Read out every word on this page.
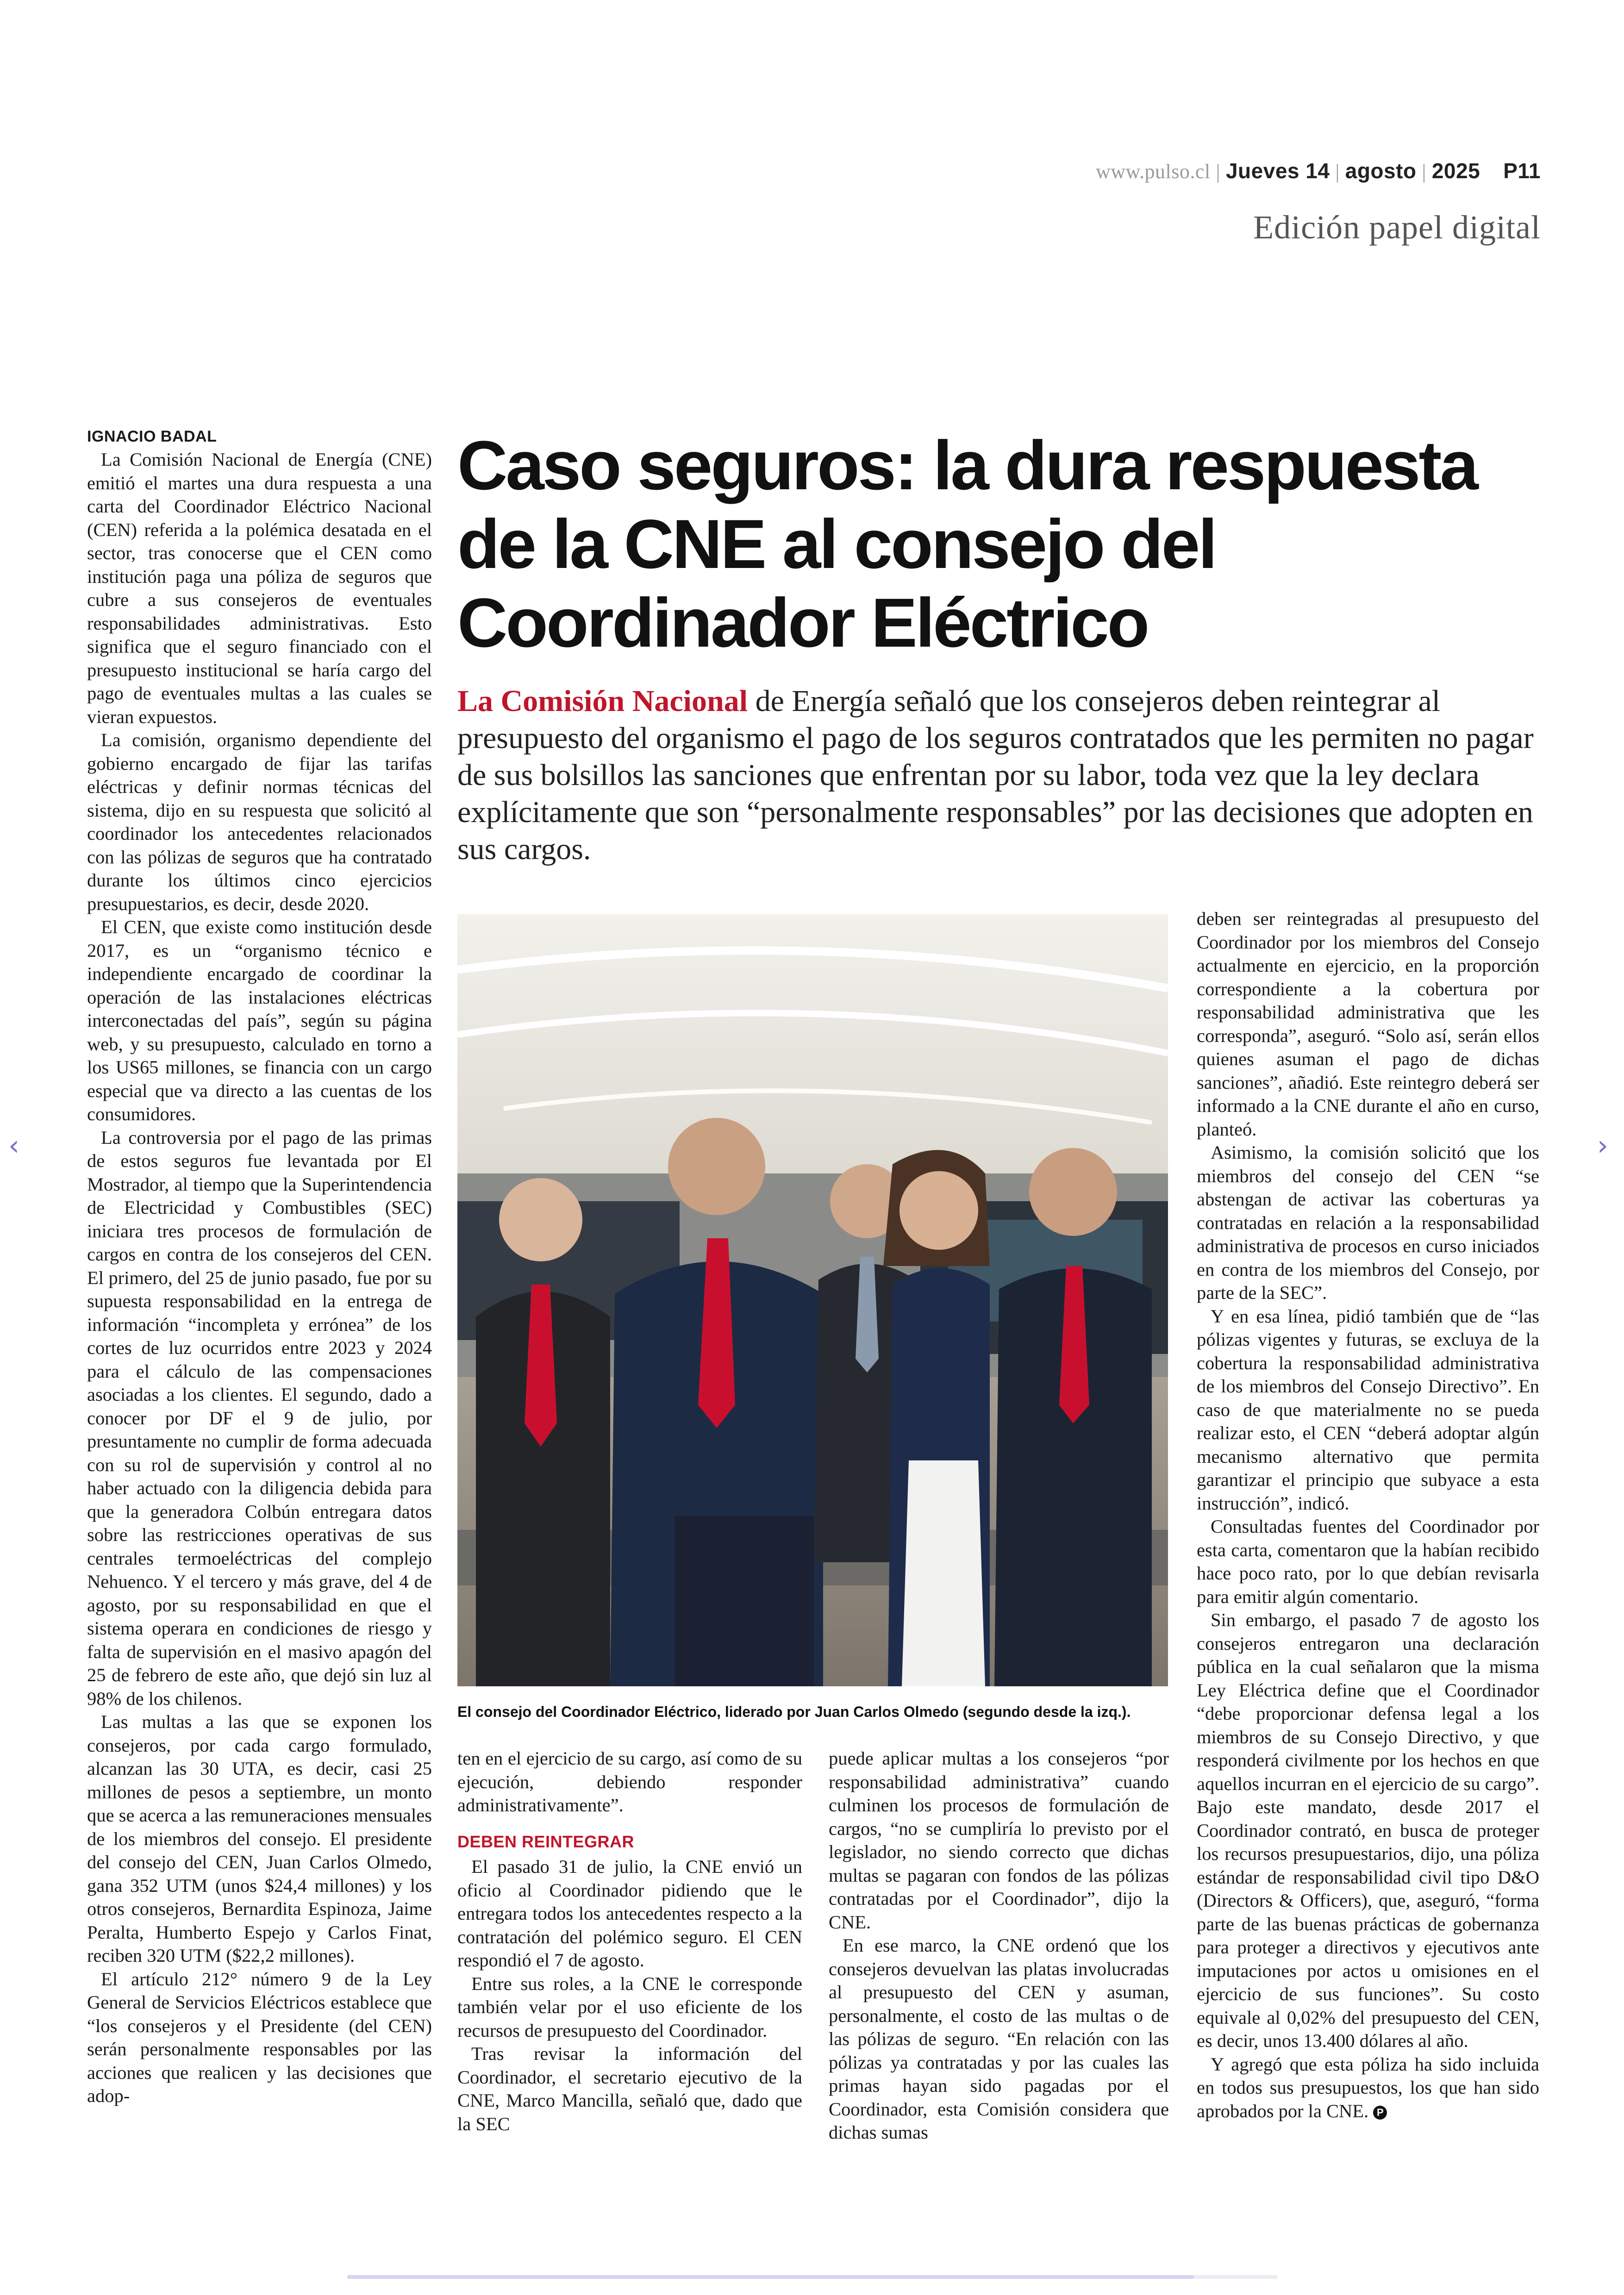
www.pulso.cl | Jueves 14 | agosto | 2025 P11
Edición papel digital
Caso seguros: la dura respuesta de la CNE al consejo del Coordinador Eléctrico

La Comisión Nacional de Energía señaló que los consejeros deben reintegrar al presupuesto del organismo el pago de los seguros contratados que les permiten no pagar de sus bolsillos las sanciones que enfrentan por su labor, toda vez que la ley declara explícitamente que son “personalmente responsables” por las decisiones que adopten en sus cargos.

El consejo del Coordinador Eléctrico, liderado por Juan Carlos Olmedo (segundo desde la izq.).

IGNACIO BADAL

La Comisión Nacional de Energía (CNE) emitió el martes una dura respuesta a una carta del Coordinador Eléctrico Nacional (CEN) referida a la polémica desatada en el sector, tras conocerse que el CEN como institución paga una póliza de seguros que cubre a sus consejeros de eventuales responsabilidades administrativas. Esto significa que el seguro financiado con el presupuesto institucional se haría cargo del pago de eventuales multas a las cuales se vieran expuestos.

La comisión, organismo dependiente del gobierno encargado de fijar las tarifas eléctricas y definir normas técnicas del sistema, dijo en su respuesta que solicitó al coordinador los antecedentes relacionados con las pólizas de seguros que ha contratado durante los últimos cinco ejercicios presupuestarios, es decir, desde 2020.

El CEN, que existe como institución desde 2017, es un “organismo técnico e independiente encargado de coordinar la operación de las instalaciones eléctricas interconectadas del país”, según su página web, y su presupuesto, calculado en torno a los US65 millones, se financia con un cargo especial que va directo a las cuentas de los consumidores.

La controversia por el pago de las primas de estos seguros fue levantada por El Mostrador, al tiempo que la Superintendencia de Electricidad y Combustibles (SEC) iniciara tres procesos de formulación de cargos en contra de los consejeros del CEN. El primero, del 25 de junio pasado, fue por su supuesta responsabilidad en la entrega de información “incompleta y errónea” de los cortes de luz ocurridos entre 2023 y 2024 para el cálculo de las compensaciones asociadas a los clientes. El segundo, dado a conocer por DF el 9 de julio, por presuntamente no cumplir de forma adecuada con su rol de supervisión y control al no haber actuado con la diligencia debida para que la generadora Colbún entregara datos sobre las restricciones operativas de sus centrales termoeléctricas del complejo Nehuenco. Y el tercero y más grave, del 4 de agosto, por su responsabilidad en que el sistema operara en condiciones de riesgo y falta de supervisión en el masivo apagón del 25 de febrero de este año, que dejó sin luz al 98% de los chilenos.

Las multas a las que se exponen los consejeros, por cada cargo formulado, alcanzan las 30 UTA, es decir, casi 25 millones de pesos a septiembre, un monto que se acerca a las remuneraciones mensuales de los miembros del consejo. El presidente del consejo del CEN, Juan Carlos Olmedo, gana 352 UTM (unos $24,4 millones) y los otros consejeros, Bernardita Espinoza, Jaime Peralta, Humberto Espejo y Carlos Finat, reciben 320 UTM ($22,2 millones).

El artículo 212° número 9 de la Ley General de Servicios Eléctricos establece que “los consejeros y el Presidente (del CEN) serán personalmente responsables por las acciones que realicen y las decisiones que adop-

ten en el ejercicio de su cargo, así como de su ejecución, debiendo responder administrativamente”.

DEBEN REINTEGRAR

El pasado 31 de julio, la CNE envió un oficio al Coordinador pidiendo que le entregara todos los antecedentes respecto a la contratación del polémico seguro. El CEN respondió el 7 de agosto.

Entre sus roles, a la CNE le corresponde también velar por el uso eficiente de los recursos de presupuesto del Coordinador.

Tras revisar la información del Coordinador, el secretario ejecutivo de la CNE, Marco Mancilla, señaló que, dado que la SEC

puede aplicar multas a los consejeros “por responsabilidad administrativa” cuando culminen los procesos de formulación de cargos, “no se cumpliría lo previsto por el legislador, no siendo correcto que dichas multas se pagaran con fondos de las pólizas contratadas por el Coordinador”, dijo la CNE.

En ese marco, la CNE ordenó que los consejeros devuelvan las platas involucradas al presupuesto del CEN y asuman, personalmente, el costo de las multas o de las pólizas de seguro. “En relación con las pólizas ya contratadas y por las cuales las primas hayan sido pagadas por el Coordinador, esta Comisión considera que dichas sumas

deben ser reintegradas al presupuesto del Coordinador por los miembros del Consejo actualmente en ejercicio, en la proporción correspondiente a la cobertura por responsabilidad administrativa que les corresponda”, aseguró. “Solo así, serán ellos quienes asuman el pago de dichas sanciones”, añadió. Este reintegro deberá ser informado a la CNE durante el año en curso, planteó.

Asimismo, la comisión solicitó que los miembros del consejo del CEN “se abstengan de activar las coberturas ya contratadas en relación a la responsabilidad administrativa de procesos en curso iniciados en contra de los miembros del Consejo, por parte de la SEC”.

Y en esa línea, pidió también que de “las pólizas vigentes y futuras, se excluya de la cobertura la responsabilidad administrativa de los miembros del Consejo Directivo”. En caso de que materialmente no se pueda realizar esto, el CEN “deberá adoptar algún mecanismo alternativo que permita garantizar el principio que subyace a esta instrucción”, indicó.

Consultadas fuentes del Coordinador por esta carta, comentaron que la habían recibido hace poco rato, por lo que debían revisarla para emitir algún comentario.

Sin embargo, el pasado 7 de agosto los consejeros entregaron una declaración pública en la cual señalaron que la misma Ley Eléctrica define que el Coordinador “debe proporcionar defensa legal a los miembros de su Consejo Directivo, y que responderá civilmente por los hechos en que aquellos incurran en el ejercicio de su cargo”. Bajo este mandato, desde 2017 el Coordinador contrató, en busca de proteger los recursos presupuestarios, dijo, una póliza estándar de responsabilidad civil tipo D&O (Directors & Officers), que, aseguró, “forma parte de las buenas prácticas de gobernanza para proteger a directivos y ejecutivos ante imputaciones por actos u omisiones en el ejercicio de sus funciones”. Su costo equivale al 0,02% del presupuesto del CEN, es decir, unos 13.400 dólares al año.

Y agregó que esta póliza ha sido incluida en todos sus presupuestos, los que han sido aprobados por la CNE. P

‹	›
